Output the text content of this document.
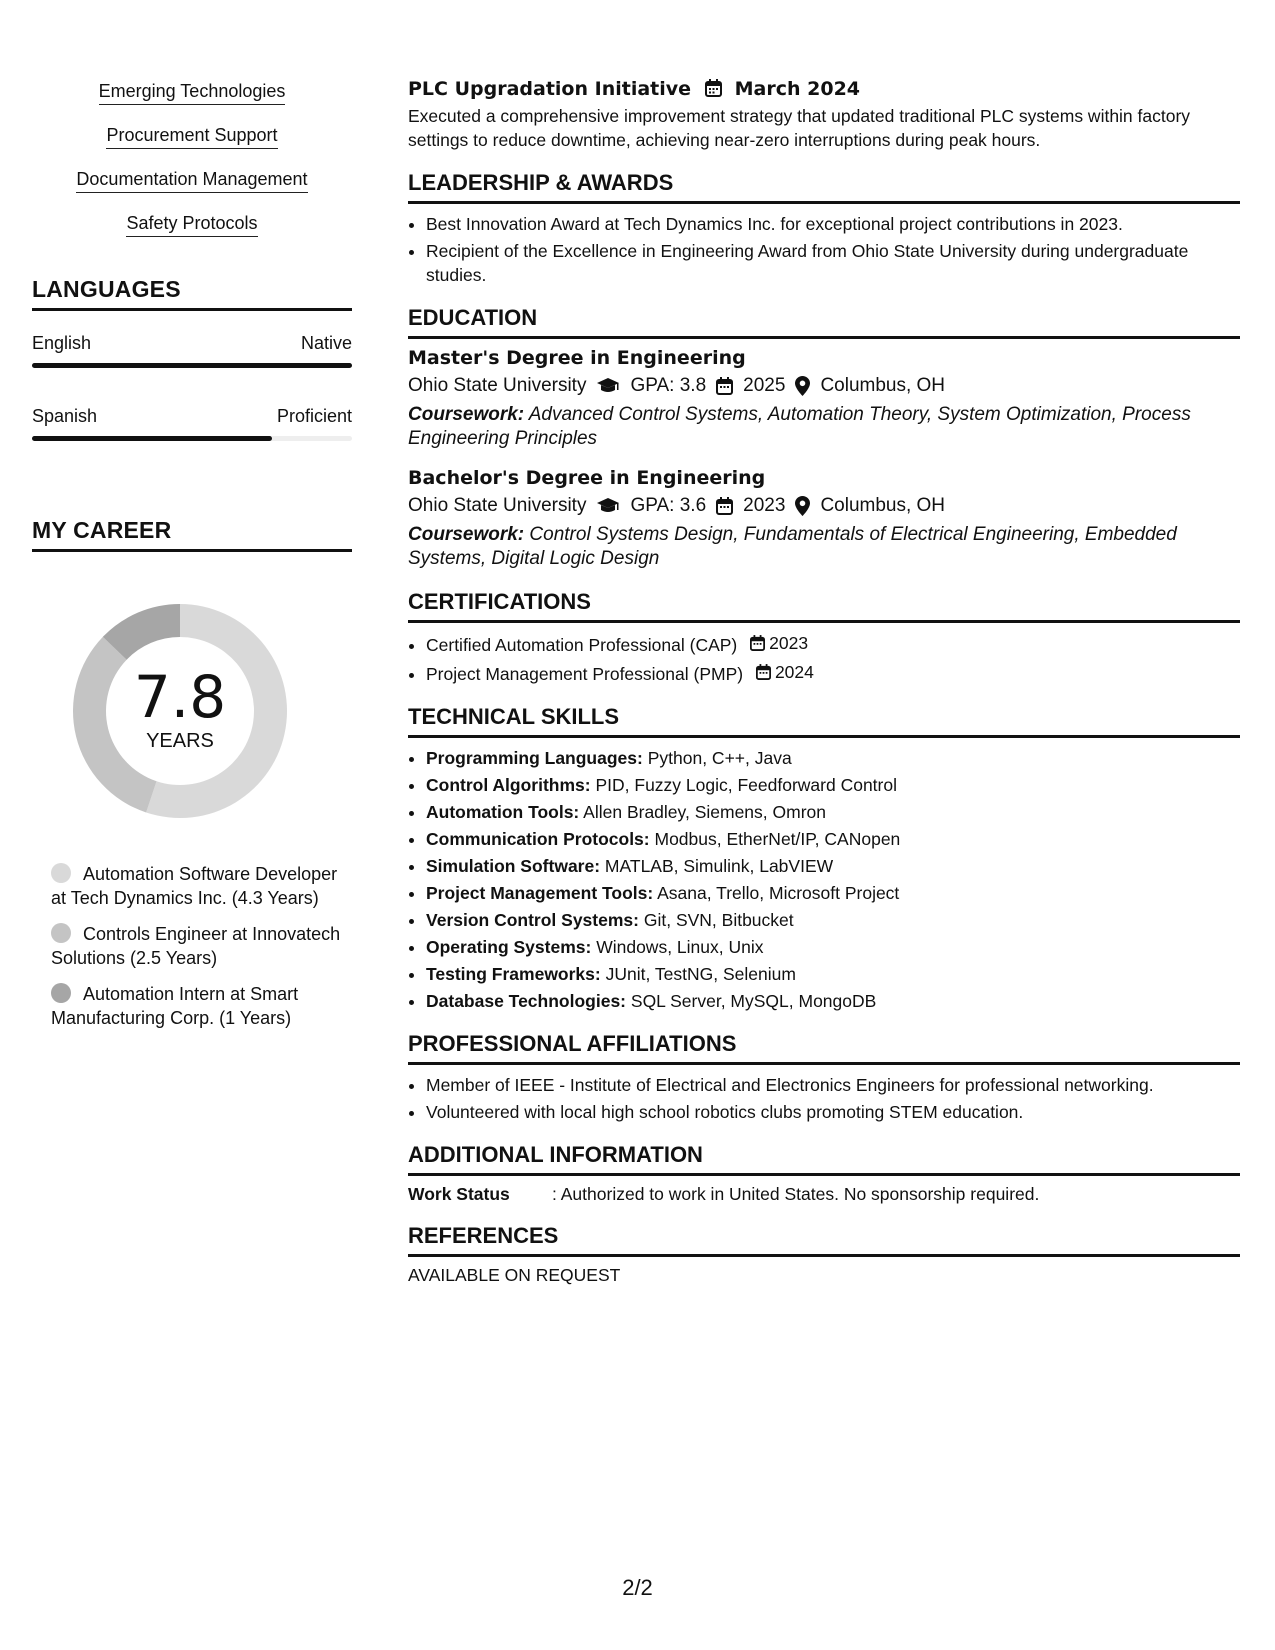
Emerging Technologies
Procurement Support
Documentation Management
Safety Protocols
LANGUAGES
English	Native
Spanish	Proficient
MY CAREER
7.8
YEARS
Automation Software Developer at Tech Dynamics Inc. (4.3 Years)
Controls Engineer at Innovatech Solutions (2.5 Years)
Automation Intern at Smart Manufacturing Corp. (1 Years)
PLC Upgradation Initiative March 2024
Executed a comprehensive improvement strategy that updated traditional PLC systems within factory settings to reduce downtime, achieving near-zero interruptions during peak hours.
LEADERSHIP & AWARDS
• Best Innovation Award at Tech Dynamics Inc. for exceptional project contributions in 2023.
• Recipient of the Excellence in Engineering Award from Ohio State University during undergraduate studies.
EDUCATION
Master's Degree in Engineering
Ohio State University GPA: 3.8 2025 Columbus, OH
Coursework: Advanced Control Systems, Automation Theory, System Optimization, Process Engineering Principles
Bachelor's Degree in Engineering
Ohio State University GPA: 3.6 2023 Columbus, OH
Coursework: Control Systems Design, Fundamentals of Electrical Engineering, Embedded Systems, Digital Logic Design
CERTIFICATIONS
• Certified Automation Professional (CAP) 2023
• Project Management Professional (PMP) 2024
TECHNICAL SKILLS
• Programming Languages: Python, C++, Java
• Control Algorithms: PID, Fuzzy Logic, Feedforward Control
• Automation Tools: Allen Bradley, Siemens, Omron
• Communication Protocols: Modbus, EtherNet/IP, CANopen
• Simulation Software: MATLAB, Simulink, LabVIEW
• Project Management Tools: Asana, Trello, Microsoft Project
• Version Control Systems: Git, SVN, Bitbucket
• Operating Systems: Windows, Linux, Unix
• Testing Frameworks: JUnit, TestNG, Selenium
• Database Technologies: SQL Server, MySQL, MongoDB
PROFESSIONAL AFFILIATIONS
• Member of IEEE - Institute of Electrical and Electronics Engineers for professional networking.
• Volunteered with local high school robotics clubs promoting STEM education.
ADDITIONAL INFORMATION
Work Status	: Authorized to work in United States. No sponsorship required.
REFERENCES
AVAILABLE ON REQUEST
2/2
